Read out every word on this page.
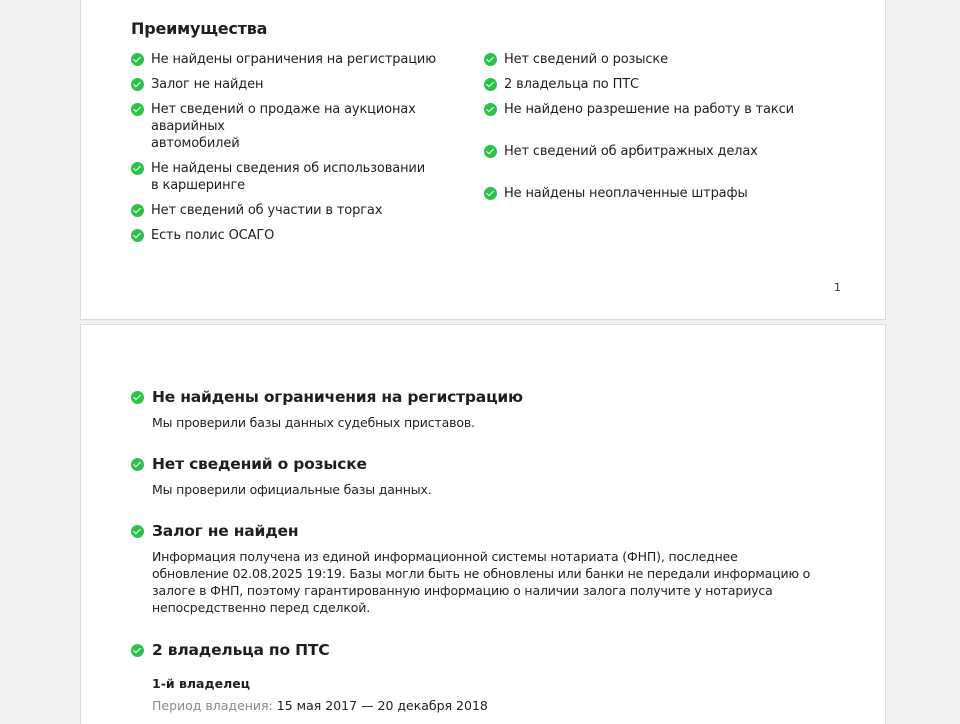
Преимущества
Не найдены ограничения на регистрацию
Залог не найден
Нет сведений о продаже на аукционах аварийных
автомобилей
Не найдены сведения об использовании
в каршеринге
Нет сведений об участии в торгах
Есть полис ОСАГО
Нет сведений о розыске
2 владельца по ПТС
Не найдено разрешение на работу в такси
Нет сведений об арбитражных делах
Не найдены неоплаченные штрафы
1
Не найдены ограничения на регистрацию
Мы проверили базы данных судебных приставов.
Нет сведений о розыске
Мы проверили официальные базы данных.
Залог не найден
Информация получена из единой информационной системы нотариата (ФНП), последнее
обновление 02.08.2025 19:19. Базы могли быть не обновлены или банки не передали информацию о
залоге в ФНП, поэтому гарантированную информацию о наличии залога получите у нотариуса
непосредственно перед сделкой.
2 владельца по ПТС
1-й владелец
Период владения: 15 мая 2017 — 20 декабря 2018
